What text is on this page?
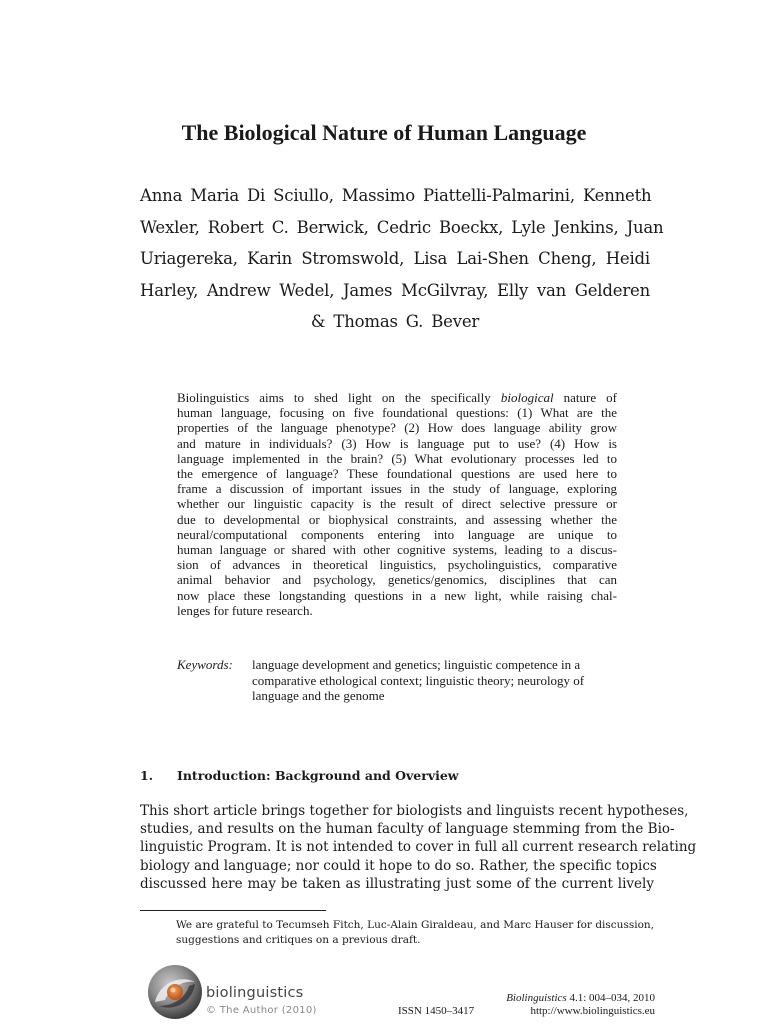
The Biological Nature of Human Language
Anna Maria Di Sciullo, Massimo Piattelli-Palmarini, Kenneth
Wexler, Robert C. Berwick, Cedric Boeckx, Lyle Jenkins, Juan
Uriagereka, Karin Stromswold, Lisa Lai-Shen Cheng, Heidi
Harley, Andrew Wedel, James McGilvray, Elly van Gelderen
& Thomas G. Bever
Biolinguistics aims to shed light on the specifically biological nature of
human language, focusing on five foundational questions: (1) What are the
properties of the language phenotype? (2) How does language ability grow
and mature in individuals? (3) How is language put to use? (4) How is
language implemented in the brain? (5) What evolutionary processes led to
the emergence of language? These foundational questions are used here to
frame a discussion of important issues in the study of language, exploring
whether our linguistic capacity is the result of direct selective pressure or
due to developmental or biophysical constraints, and assessing whether the
neural/computational components entering into language are unique to
human language or shared with other cognitive systems, leading to a discus-
sion of advances in theoretical linguistics, psycholinguistics, comparative
animal behavior and psychology, genetics/genomics, disciplines that can
now place these longstanding questions in a new light, while raising chal-
lenges for future research.
Keywords: language development and genetics; linguistic competence in a
comparative ethological context; linguistic theory; neurology of
language and the genome
1. Introduction: Background and Overview
This short article brings together for biologists and linguists recent hypotheses,
studies, and results on the human faculty of language stemming from the Bio-
linguistic Program. It is not intended to cover in full all current research relating
biology and language; nor could it hope to do so. Rather, the specific topics
discussed here may be taken as illustrating just some of the current lively
We are grateful to Tecumseh Fitch, Luc-Alain Giraldeau, and Marc Hauser for discussion,
suggestions and critiques on a previous draft.
biolinguistics
© The Author (2010)	ISSN 1450–3417
Biolinguistics 4.1: 004–034, 2010
http://www.biolinguistics.eu
